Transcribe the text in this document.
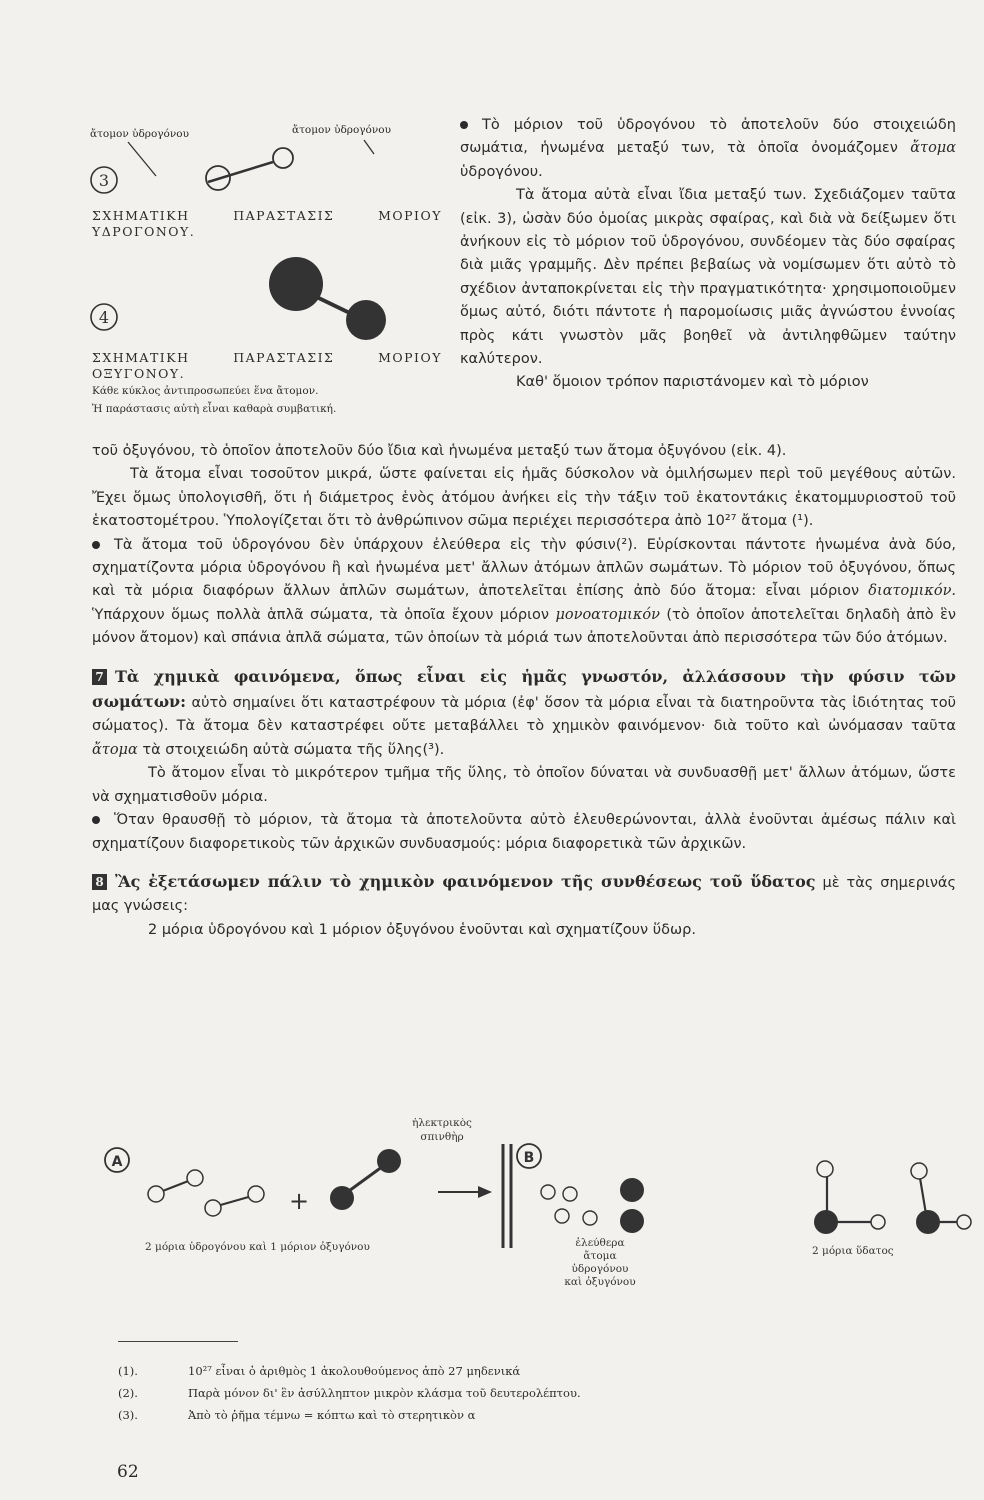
ἄτομον ὑδρογόνου	ἄτομον ὑδρογόνου
3
ΣΧΗΜΑΤΙΚΗ ΠΑΡΑΣΤΑΣΙΣ ΜΟΡΙΟΥ ΥΔΡΟΓΟΝΟΥ.
4
ΣΧΗΜΑΤΙΚΗ ΠΑΡΑΣΤΑΣΙΣ ΜΟΡΙΟΥ ΟΞΥΓΟΝΟΥ.
Κάθε κύκλος ἀντιπροσωπεύει ἕνα ἄτομον.
Ἡ παράστασις αὐτὴ εἶναι καθαρὰ συμβατική.
Τὸ μόριον τοῦ ὑδρογόνου τὸ ἀποτελοῦν δύο στοιχειώδη σωμάτια, ἡνωμένα μεταξύ των, τὰ ὁποῖα ὀνομάζομεν ἄτομα ὑδρογόνου.
Τὰ ἄτομα αὐτὰ εἶναι ἴδια μεταξύ των. Σχεδιάζομεν ταῦτα (εἰκ. 3), ὡσὰν δύο ὁμοίας μικρὰς σφαίρας, καὶ διὰ νὰ δείξωμεν ὅτι ἀνήκουν εἰς τὸ μόριον τοῦ ὑδρογόνου, συνδέομεν τὰς δύο σφαίρας διὰ μιᾶς γραμμῆς. Δὲν πρέπει βεβαίως νὰ νομίσωμεν ὅτι αὐτὸ τὸ σχέδιον ἀνταποκρίνεται εἰς τὴν πραγματικότητα· χρησιμοποιοῦμεν ὅμως αὐτό, διότι πάντοτε ἡ παρομοίωσις μιᾶς ἀγνώστου ἐννοίας πρὸς κάτι γνωστὸν μᾶς βοηθεῖ νὰ ἀντιληφθῶμεν ταύτην καλύτερον.
Καθ' ὅμοιον τρόπον παριστάνομεν καὶ τὸ μόριον
τοῦ ὀξυγόνου, τὸ ὁποῖον ἀποτελοῦν δύο ἴδια καὶ ἡνωμένα μεταξύ των ἄτομα ὀξυγόνου (εἰκ. 4).
Τὰ ἄτομα εἶναι τοσοῦτον μικρά, ὥστε φαίνεται εἰς ἡμᾶς δύσκολον νὰ ὁμιλήσωμεν περὶ τοῦ μεγέθους αὐτῶν. Ἔχει ὅμως ὑπολογισθῆ, ὅτι ἡ διάμετρος ἑνὸς ἀτόμου ἀνήκει εἰς τὴν τάξιν τοῦ ἑκατοντάκις ἑκατομμυριοστοῦ τοῦ ἑκατοστομέτρου. Ὑπολογίζεται ὅτι τὸ ἀνθρώπινον σῶμα περιέχει περισσότερα ἀπὸ 10²⁷ ἄτομα (¹).
Τὰ ἄτομα τοῦ ὑδρογόνου δὲν ὑπάρχουν ἐλεύθερα εἰς τὴν φύσιν(²). Εὑρίσκονται πάντοτε ἡνωμένα ἀνὰ δύο, σχηματίζοντα μόρια ὑδρογόνου ἢ καὶ ἡνωμένα μετ' ἄλλων ἀτόμων ἁπλῶν σωμάτων. Τὸ μόριον τοῦ ὀξυγόνου, ὅπως καὶ τὰ μόρια διαφόρων ἄλλων ἁπλῶν σωμάτων, ἀποτελεῖται ἐπίσης ἀπὸ δύο ἄτομα: εἶναι μόριον διατομικόν. Ὑπάρχουν ὅμως πολλὰ ἁπλᾶ σώματα, τὰ ὁποῖα ἔχουν μόριον μονοατομικόν (τὸ ὁποῖον ἀποτελεῖται δηλαδὴ ἀπὸ ἓν μόνον ἄτομον) καὶ σπάνια ἁπλᾶ σώματα, τῶν ὁποίων τὰ μόριά των ἀποτελοῦνται ἀπὸ περισσότερα τῶν δύο ἀτόμων.
7 Τὰ χημικὰ φαινόμενα, ὅπως εἶναι εἰς ἡμᾶς γνωστόν, ἀλλάσσουν τὴν φύσιν τῶν σωμάτων: αὐτὸ σημαίνει ὅτι καταστρέφουν τὰ μόρια (ἐφ' ὅσον τὰ μόρια εἶναι τὰ διατηροῦντα τὰς ἰδιότητας τοῦ σώματος). Τὰ ἄτομα δὲν καταστρέφει οὔτε μεταβάλλει τὸ χημικὸν φαινόμενον· διὰ τοῦτο καὶ ὠνόμασαν ταῦτα ἄτομα τὰ στοιχειώδη αὐτὰ σώματα τῆς ὕλης(³).
Τὸ ἄτομον εἶναι τὸ μικρότερον τμῆμα τῆς ὕλης, τὸ ὁποῖον δύναται νὰ συνδυασθῇ μετ' ἄλλων ἀτόμων, ὥστε νὰ σχηματισθοῦν μόρια.
Ὅταν θραυσθῇ τὸ μόριον, τὰ ἄτομα τὰ ἀποτελοῦντα αὐτὸ ἐλευθερώνονται, ἀλλὰ ἑνοῦνται ἀμέσως πάλιν καὶ σχηματίζουν διαφορετικοὺς τῶν ἀρχικῶν συνδυασμούς: μόρια διαφορετικὰ τῶν ἀρχικῶν.
8 Ἂς ἐξετάσωμεν πάλιν τὸ χημικὸν φαινόμενον τῆς συνθέσεως τοῦ ὕδατος μὲ τὰς σημερινάς μας γνώσεις:
2 μόρια ὑδρογόνου καὶ 1 μόριον ὀξυγόνου ἑνοῦνται καὶ σχηματίζουν ὕδωρ.
A
+
B
2 μόρια ὑδρογόνου καὶ 1 μόριον ὀξυγόνου
ἠλεκτρικὸς
σπινθὴρ
ἐλεύθερα
ἄτομα
ὑδρογόνου
καὶ ὀξυγόνου
2 μόρια ὕδατος
(1).	10²⁷ εἶναι ὁ ἀριθμὸς 1 ἀκολουθούμενος ἀπὸ 27 μηδενικά
(2).	Παρὰ μόνον δι' ἓν ἀσύλληπτον μικρὸν κλάσμα τοῦ δευτερολέπτου.
(3).	Ἀπὸ τὸ ῥῆμα τέμνω = κόπτω καὶ τὸ στερητικὸν α
62
